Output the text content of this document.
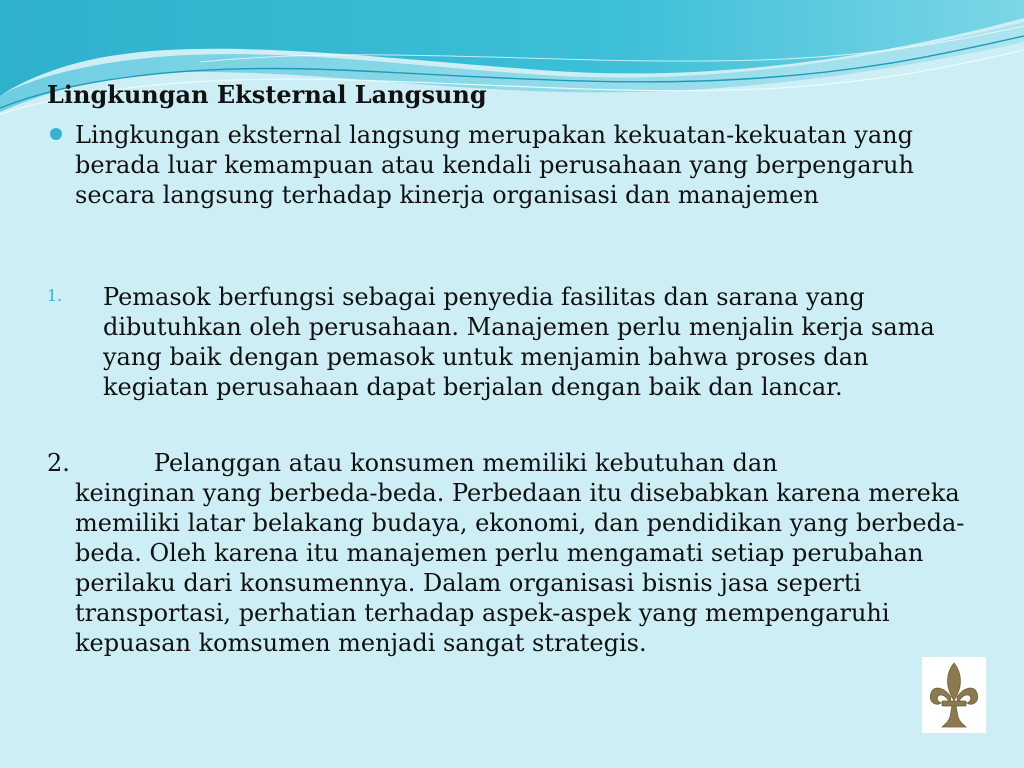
Lingkungan Eksternal Langsung
Lingkungan eksternal langsung merupakan kekuatan-kekuatan yang berada luar kemampuan atau kendali perusahaan yang berpengaruh secara langsung terhadap kinerja organisasi dan manajemen
1. Pemasok berfungsi sebagai penyedia fasilitas dan sarana yang dibutuhkan oleh perusahaan. Manajemen perlu menjalin kerja sama yang baik dengan pemasok untuk menjamin bahwa proses dan kegiatan perusahaan dapat berjalan dengan baik dan lancar.

2.	Pelanggan atau konsumen memiliki kebutuhan dan

keinginan yang berbeda-beda. Perbedaan itu disebabkan karena mereka memiliki latar belakang budaya, ekonomi, dan pendidikan yang berbeda-beda. Oleh karena itu manajemen perlu mengamati setiap perubahan perilaku dari konsumennya. Dalam organisasi bisnis jasa seperti transportasi, perhatian terhadap aspek-aspek yang mempengaruhi kepuasan komsumen menjadi sangat strategis.
